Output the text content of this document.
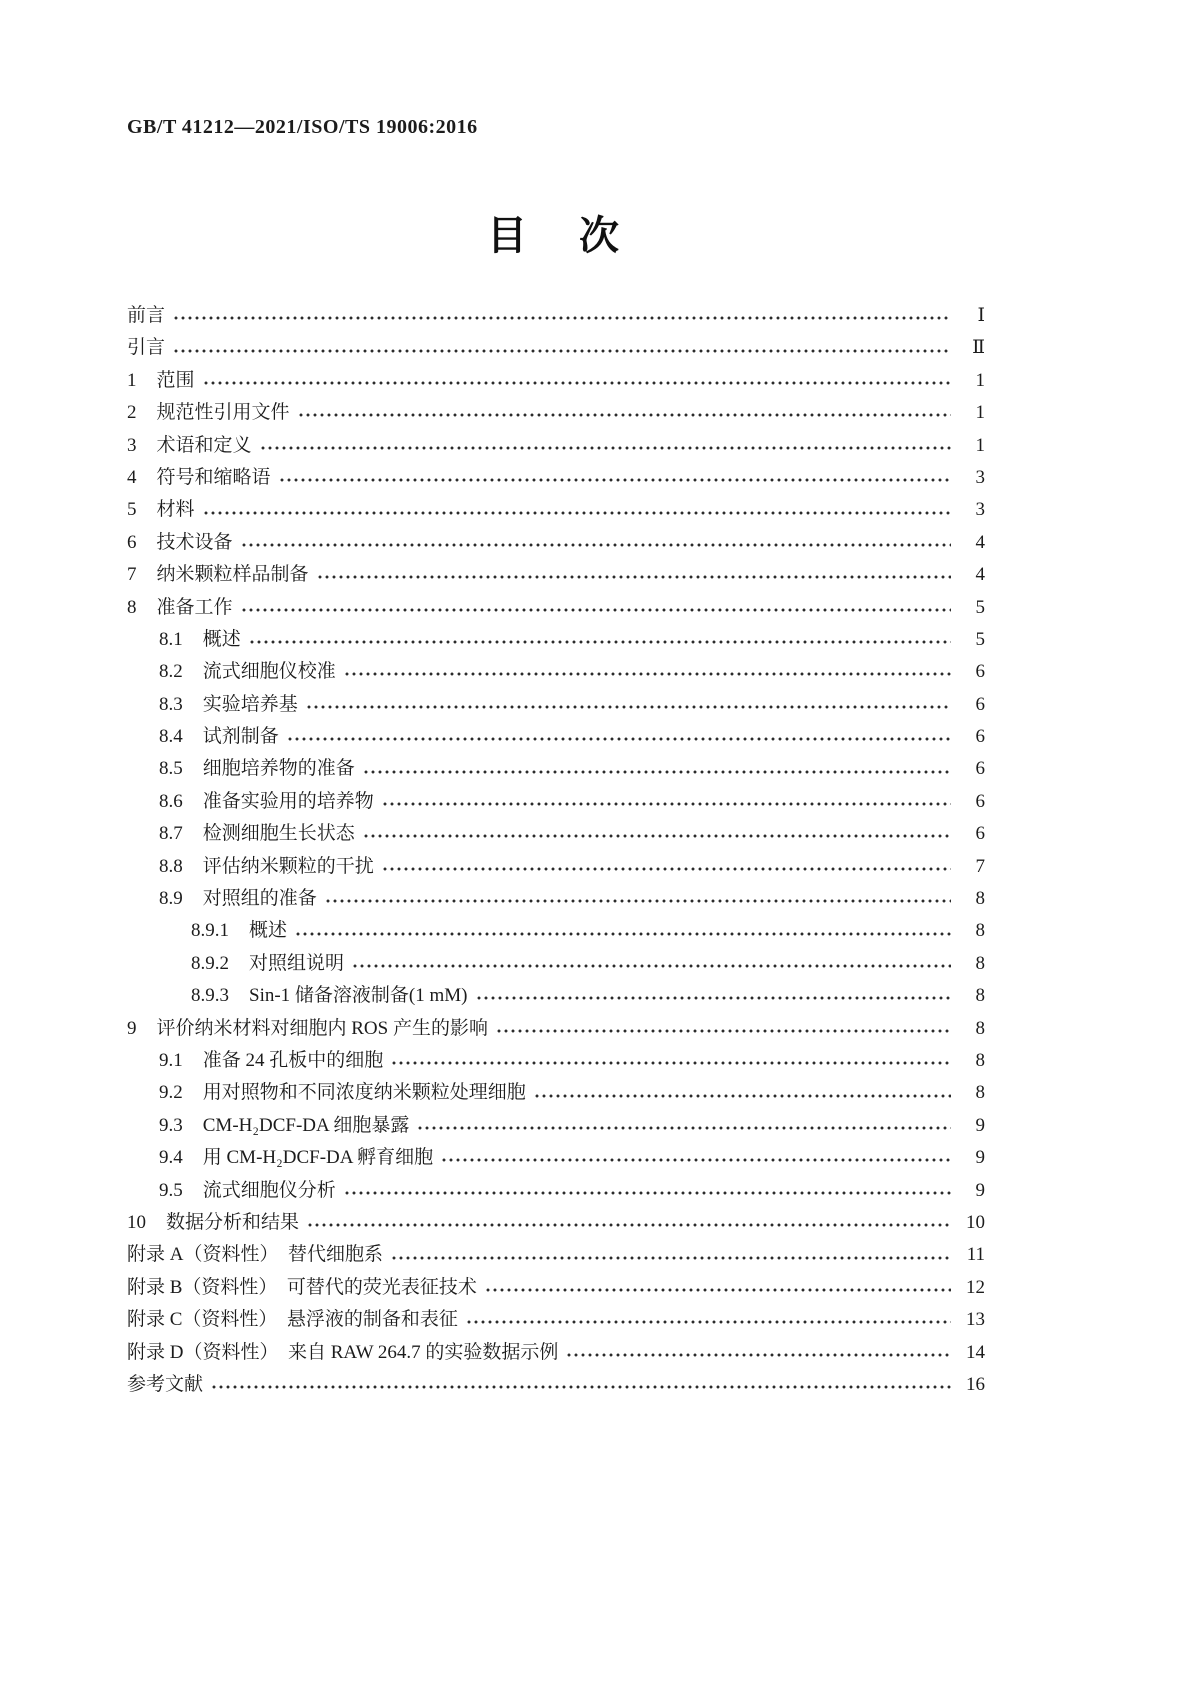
GB/T 41212—2021/ISO/TS 19006:2016
目　次
前言	Ⅰ
引言	Ⅱ
1 范围	1
2 规范性引用文件	1
3 术语和定义	1
4 符号和缩略语	3
5 材料	3
6 技术设备	4
7 纳米颗粒样品制备	4
8 准备工作	5
8.1 概述	5
8.2 流式细胞仪校准	6
8.3 实验培养基	6
8.4 试剂制备	6
8.5 细胞培养物的准备	6
8.6 准备实验用的培养物	6
8.7 检测细胞生长状态	6
8.8 评估纳米颗粒的干扰	7
8.9 对照组的准备	8
8.9.1 概述	8
8.9.2 对照组说明	8
8.9.3 Sin-1 储备溶液制备(1 mM)	8
9 评价纳米材料对细胞内 ROS 产生的影响	8
9.1 准备 24 孔板中的细胞	8
9.2 用对照物和不同浓度纳米颗粒处理细胞	8
9.3 CM-H₂DCF-DA 细胞暴露	9
9.4 用 CM-H₂DCF-DA 孵育细胞	9
9.5 流式细胞仪分析	9
10 数据分析和结果	10
附录 A（资料性）　替代细胞系	11
附录 B（资料性）　可替代的荧光表征技术	12
附录 C（资料性）　悬浮液的制备和表征	13
附录 D（资料性）　来自 RAW 264.7 的实验数据示例	14
参考文献	16
